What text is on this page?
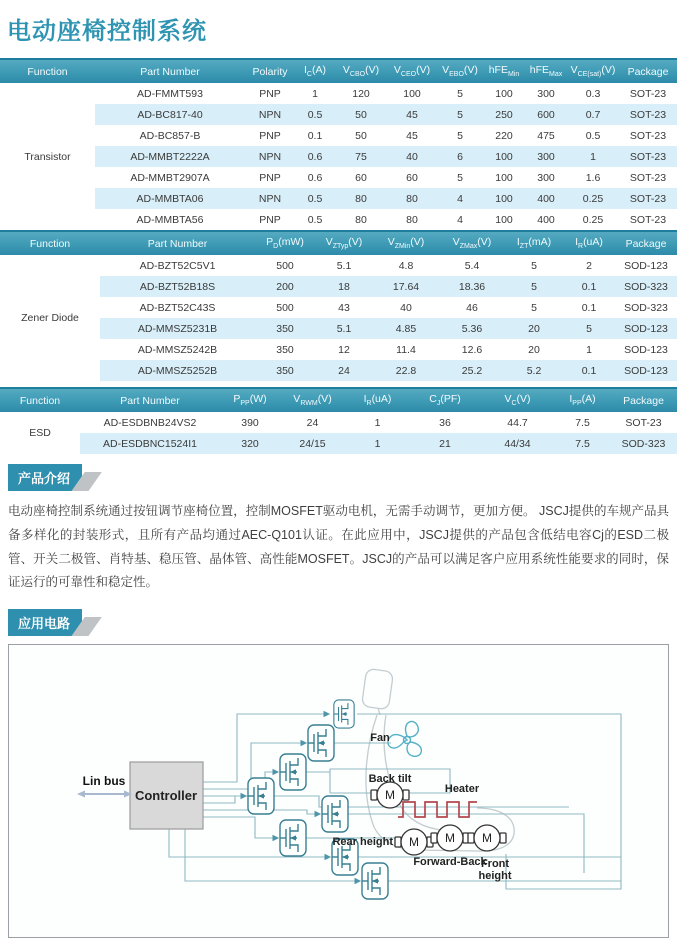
电动座椅控制系统
Function	Part Number	Polarity	$I_C(A)$	$V_{CBO}(V)$	$V_{CEO}(V)$	$V_{EBO}(V)$	hFE$_{Min}$	hFE$_{Max}$	$V_{CE(sat)}(V)$	Package
Transistor	AD-FMMT593	PNP	1	120	100	5	100	300	0.3	SOT-23
	AD-BC817-40	NPN	0.5	50	45	5	250	600	0.7	SOT-23
	AD-BC857-B	PNP	0.1	50	45	5	220	475	0.5	SOT-23
	AD-MMBT2222A	NPN	0.6	75	40	6	100	300	1	SOT-23
	AD-MMBT2907A	PNP	0.6	60	60	5	100	300	1.6	SOT-23
	AD-MMBTA06	NPN	0.5	80	80	4	100	400	0.25	SOT-23
	AD-MMBTA56	PNP	0.5	80	80	4	100	400	0.25	SOT-23
Function	Part Number	$P_D(mW)$	$V_{ZTyp}(V)$	$V_{ZMin}(V)$	$V_{ZMax}(V)$	$I_{ZT}(mA)$	$I_R(uA)$	Package
Zener Diode	AD-BZT52C5V1	500	5.1	4.8	5.4	5	2	SOD-123
	AD-BZT52B18S	200	18	17.64	18.36	5	0.1	SOD-323
	AD-BZT52C43S	500	43	40	46	5	0.1	SOD-323
	AD-MMSZ5231B	350	5.1	4.85	5.36	20	5	SOD-123
	AD-MMSZ5242B	350	12	11.4	12.6	20	1	SOD-123
	AD-MMSZ5252B	350	24	22.8	25.2	5.2	0.1	SOD-123
Function	Part Number	$P_{PP}(W)$	$V_{RWM}(V)$	$I_R(uA)$	$C_J(PF)$	$V_C(V)$	$I_{PP}(A)$	Package
ESD	AD-ESDBNB24VS2	390	24	1	36	44.7	7.5	SOT-23
	AD-ESDBNC1524I1	320	24/15	1	21	44/34	7.5	SOD-323
产品介绍

电动座椅控制系统通过按钮调节座椅位置，控制MOSFET驱动电机，无需手动调节，更加方便。 JSCJ提供的车规产品具备多样化的封装形式，且所有产品均通过AEC-Q101认证。在此应用中，JSCJ提供的产品包含低结电容Cj的ESD二极管、开关二极管、肖特基、稳压管、晶体管、高性能MOSFET。JSCJ的产品可以满足客户应用系统性能要求的同时，保证运行的可靠性和稳定性。

应用电路
Controller
Lin bus
M
Back tilt
M
Rear height	M
Forward-Back
M
Front
height
Fan
Heater
